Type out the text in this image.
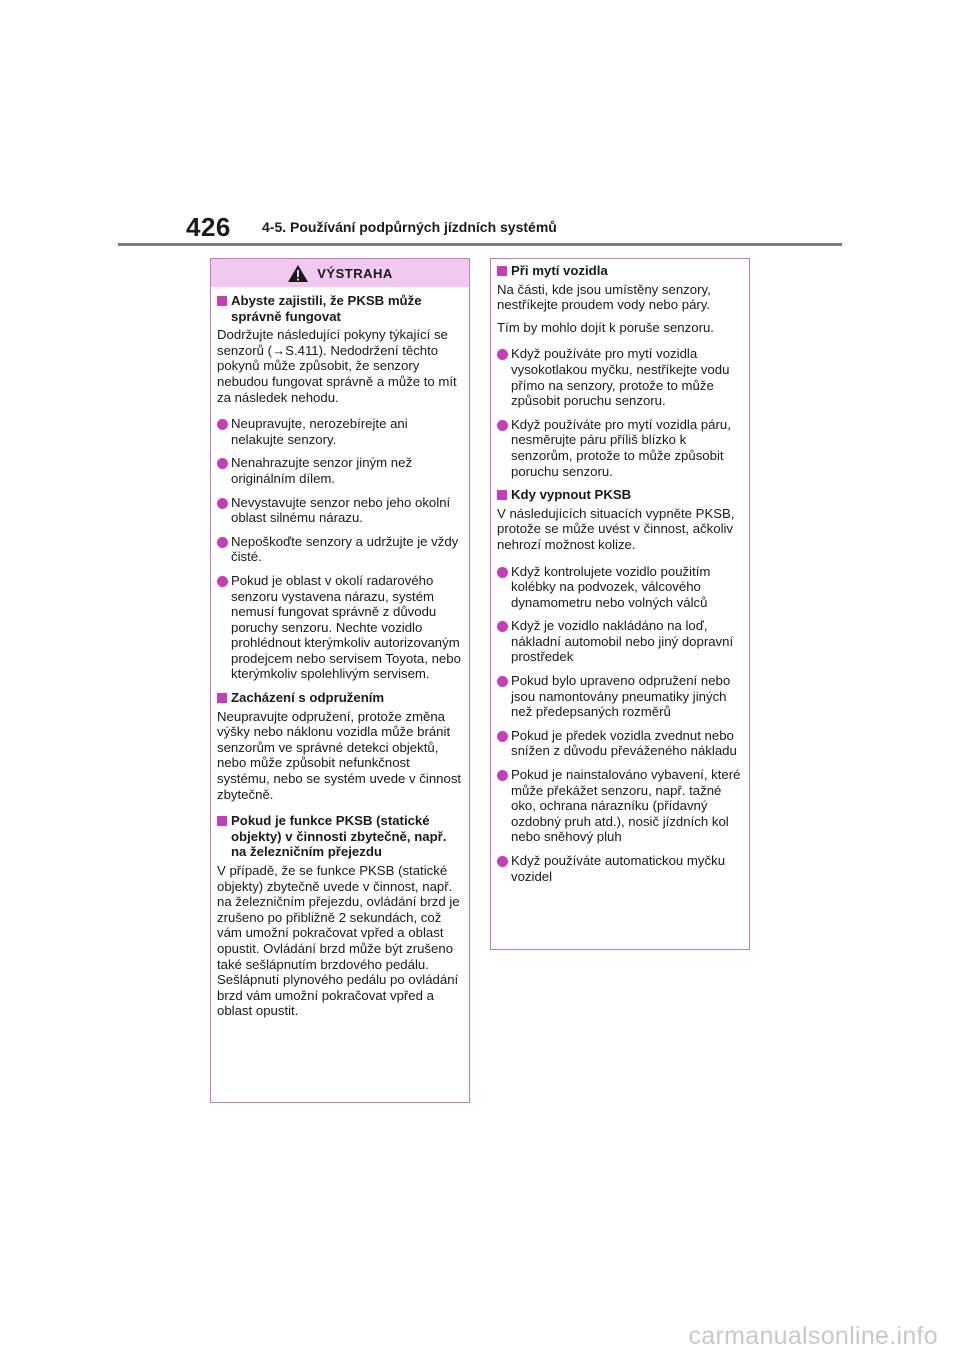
426 4-5. Používání podpůrných jízdních systémů
VÝSTRAHA
Abyste zajistili, že PKSB může správně fungovat
Dodržujte následující pokyny týkající se senzorů (→S.411). Nedodržení těchto pokynů může způsobit, že senzory nebudou fungovat správně a může to mít za následek nehodu.
Neupravujte, nerozebírejte ani nelakujte senzory.
Nenahrazujte senzor jiným než originálním dílem.
Nevystavujte senzor nebo jeho okolní oblast silnému nárazu.
Nepoškoďte senzory a udržujte je vždy čisté.
Pokud je oblast v okolí radarového senzoru vystavena nárazu, systém nemusí fungovat správně z důvodu poruchy senzoru. Nechte vozidlo prohlédnout kterýmkoliv autorizovaným prodejcem nebo servisem Toyota, nebo kterýmkoliv spolehlivým servisem.
Zacházení s odpružením
Neupravujte odpružení, protože změna výšky nebo náklonu vozidla může bránit senzorům ve správné detekci objektů, nebo může způsobit nefunkčnost systému, nebo se systém uvede v činnost zbytečně.
Pokud je funkce PKSB (statické objekty) v činnosti zbytečně, např. na železničním přejezdu
V případě, že se funkce PKSB (statické objekty) zbytečně uvede v činnost, např. na železničním přejezdu, ovládání brzd je zrušeno po přibližně 2 sekundách, což vám umožní pokračovat vpřed a oblast opustit. Ovládání brzd může být zrušeno také sešlápnutím brzdového pedálu. Sešlápnutí plynového pedálu po ovládání brzd vám umožní pokračovat vpřed a oblast opustit.
Při mytí vozidla
Na části, kde jsou umístěny senzory, nestříkejte proudem vody nebo páry.
Tím by mohlo dojít k poruše senzoru.
Když používáte pro mytí vozidla vysokotlakou myčku, nestříkejte vodu přímo na senzory, protože to může způsobit poruchu senzoru.
Když používáte pro mytí vozidla páru, nesměrujte páru příliš blízko k senzorům, protože to může způsobit poruchu senzoru.
Kdy vypnout PKSB
V následujících situacích vypněte PKSB, protože se může uvést v činnost, ačkoliv nehrozí možnost kolize.
Když kontrolujete vozidlo použitím kolébky na podvozek, válcového dynamometru nebo volných válců
Když je vozidlo nakládáno na loď, nákladní automobil nebo jiný dopravní prostředek
Pokud bylo upraveno odpružení nebo jsou namontovány pneumatiky jiných než předepsaných rozměrů
Pokud je předek vozidla zvednut nebo snížen z důvodu převáženého nákladu
Pokud je nainstalováno vybavení, které může překážet senzoru, např. tažné oko, ochrana nárazníku (přídavný ozdobný pruh atd.), nosič jízdních kol nebo sněhový pluh
Když používáte automatickou myčku vozidel
carmanualsonline.info
